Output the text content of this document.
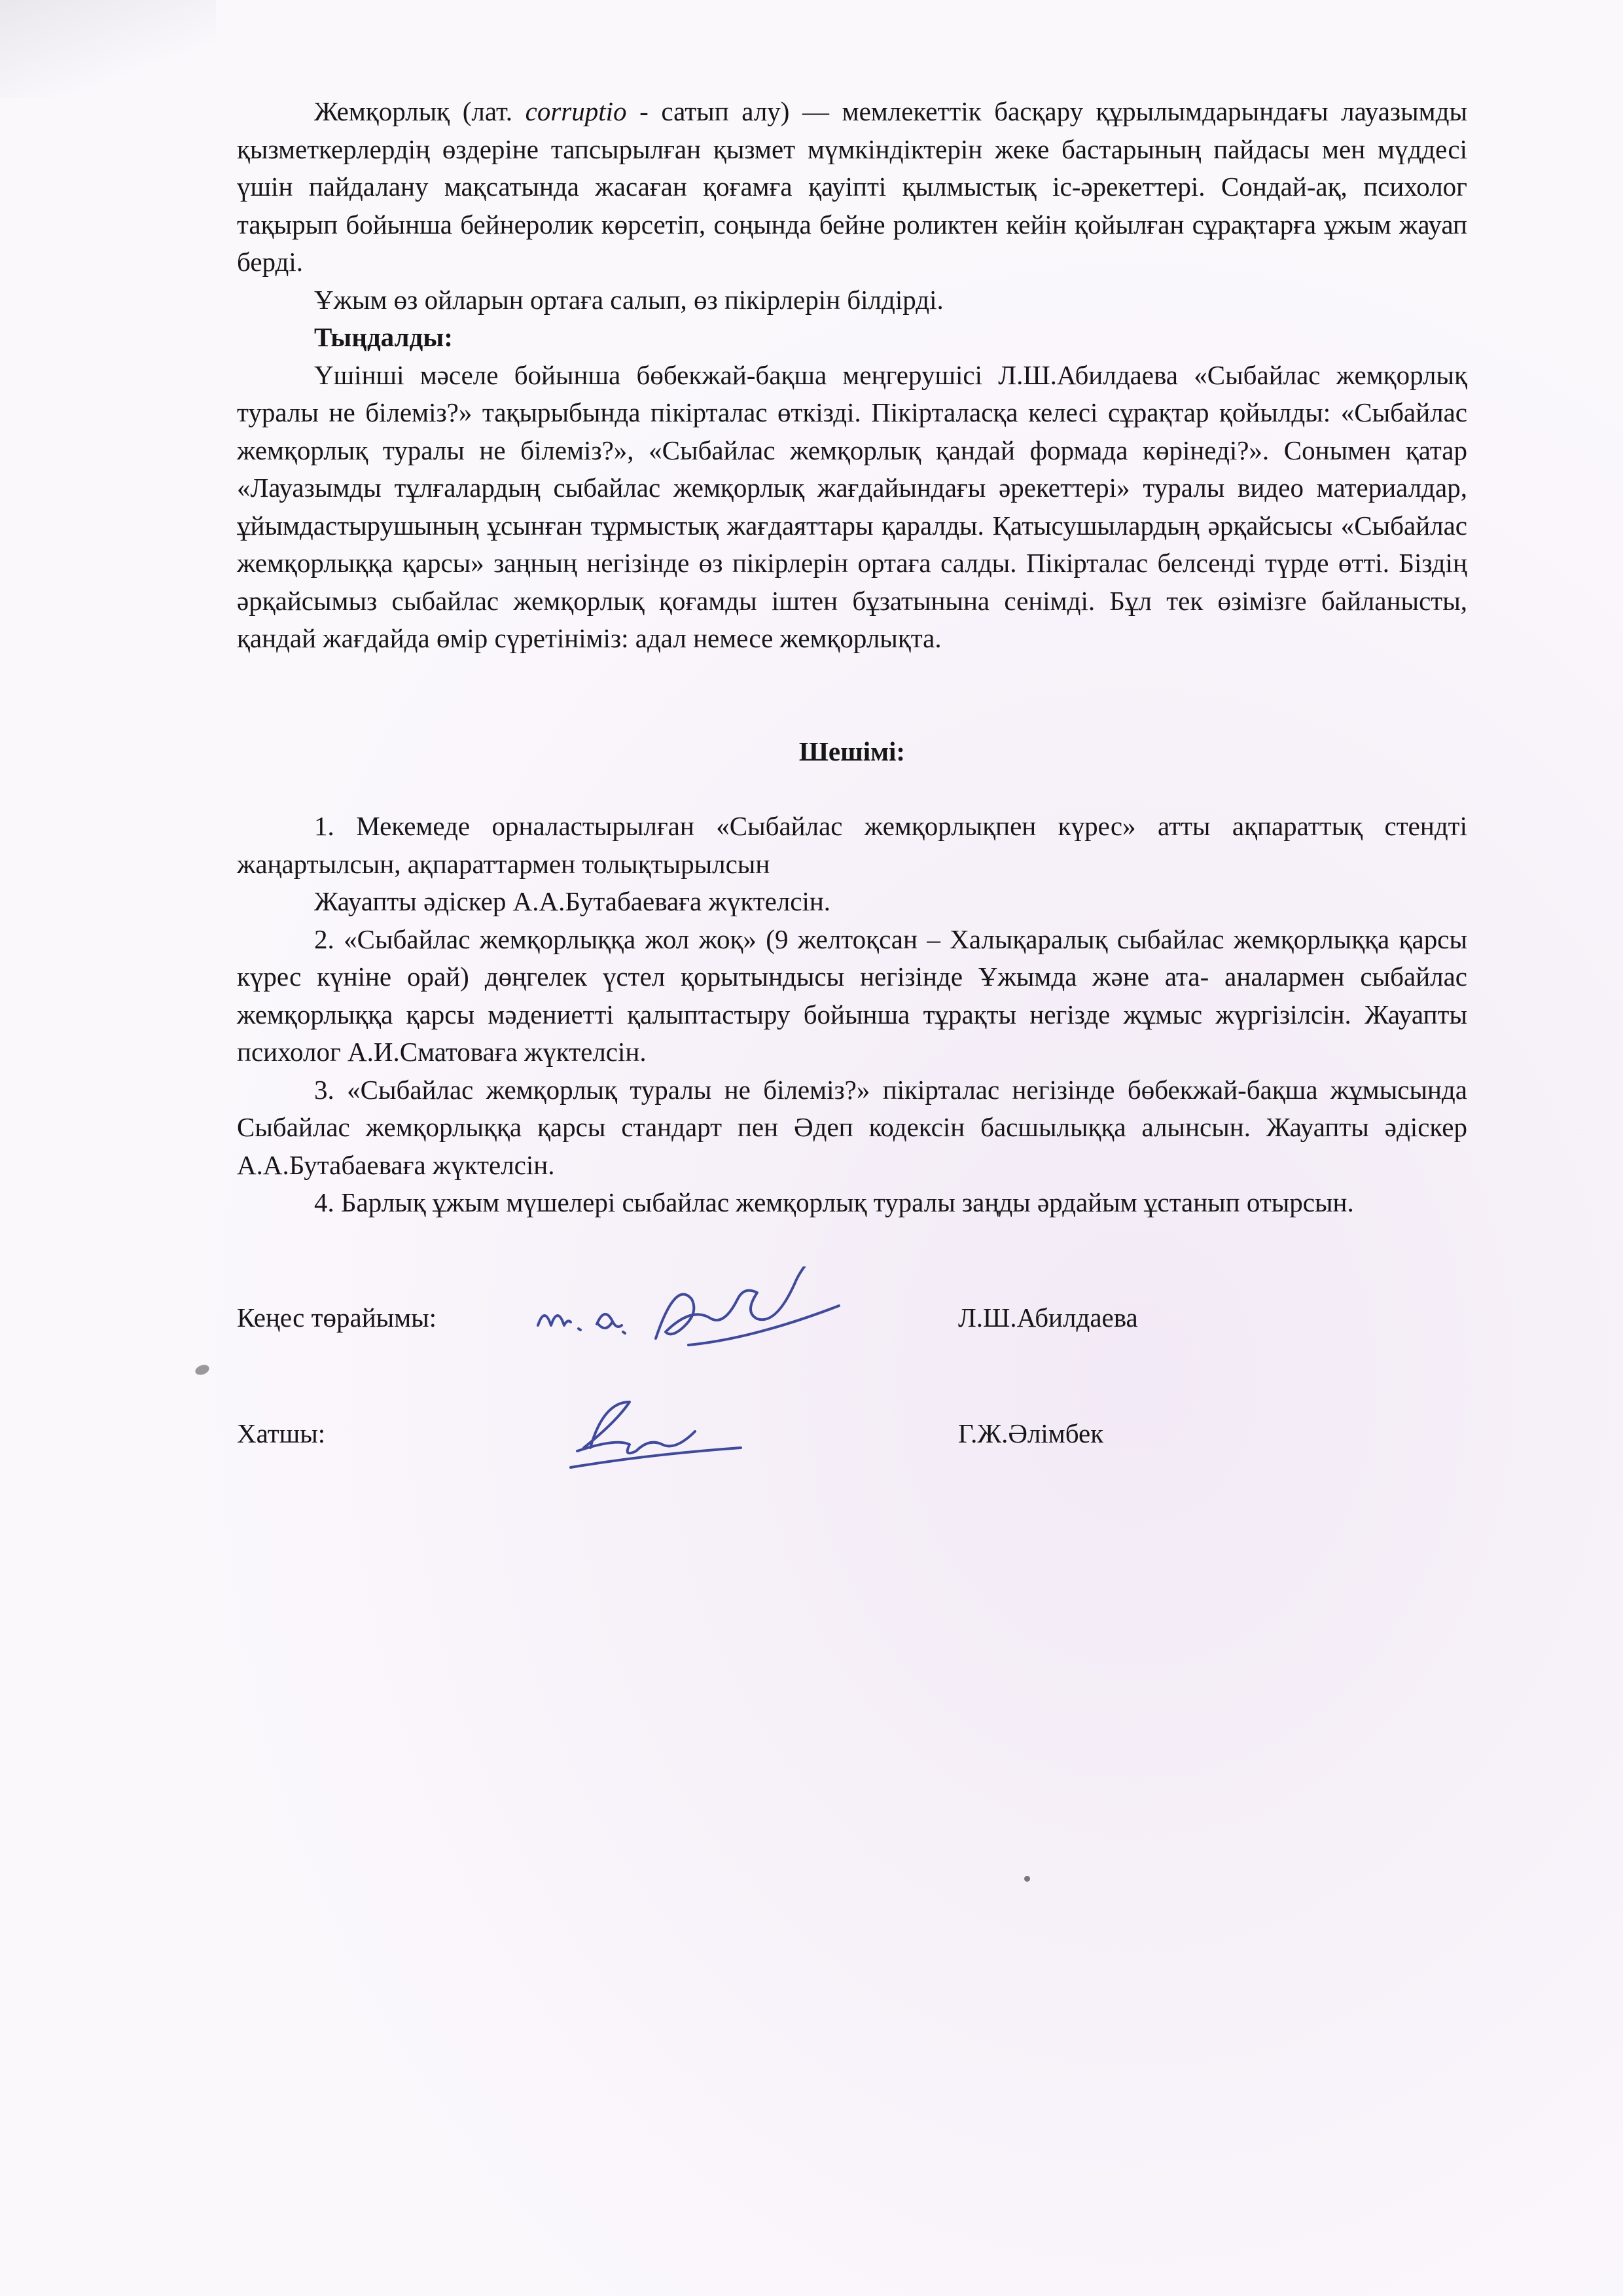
Жемқорлық (лат. corruptio - сатып алу) — мемлекеттік басқару құрылымдарындағы лауазымды қызметкерлердің өздеріне тапсырылған қызмет мүмкіндіктерін жеке бастарының пайдасы мен мүддесі үшін пайдалану мақсатында жасаған қоғамға қауіпті қылмыстық іс-әрекеттері. Сондай-ақ, психолог тақырып бойынша бейнеролик көрсетіп, соңында бейне роликтен кейін қойылған сұрақтарға ұжым жауап берді.

Ұжым өз ойларын ортаға салып, өз пікірлерін білдірді.

Тыңдалды:

Үшінші мәселе бойынша бөбекжай-бақша меңгерушісі Л.Ш.Абилдаева «Сыбайлас жемқорлық туралы не білеміз?» тақырыбында пікірталас өткізді. Пікірталасқа келесі сұрақтар қойылды: «Сыбайлас жемқорлық туралы не білеміз?», «Сыбайлас жемқорлық қандай формада көрінеді?». Сонымен қатар «Лауазымды тұлғалардың сыбайлас жемқорлық жағдайындағы әрекеттері» туралы видео материалдар, ұйымдастырушының ұсынған тұрмыстық жағдаяттары қаралды. Қатысушылардың әрқайсысы «Сыбайлас жемқорлыққа қарсы» заңның негізінде өз пікірлерін ортаға салды. Пікірталас белсенді түрде өтті. Біздің әрқайсымыз сыбайлас жемқорлық қоғамды іштен бұзатынына сенімді. Бұл тек өзімізге байланысты, қандай жағдайда өмір сүретініміз: адал немесе жемқорлықта.

Шешімі:

1. Мекемеде орналастырылған «Сыбайлас жемқорлықпен күрес» атты ақпараттық стендті жаңартылсын, ақпараттармен толықтырылсын

Жауапты әдіскер А.А.Бутабаеваға жүктелсін.

2. «Сыбайлас жемқорлыққа жол жоқ» (9 желтоқсан – Халықаралық сыбайлас жемқорлыққа қарсы күрес күніне орай) дөңгелек үстел қорытындысы негізінде Ұжымда және ата- аналармен сыбайлас жемқорлыққа қарсы мәдениетті қалыптастыру бойынша тұрақты негізде жұмыс жүргізілсін. Жауапты психолог А.И.Сматоваға жүктелсін.

3. «Сыбайлас жемқорлық туралы не білеміз?» пікірталас негізінде бөбекжай-бақша жұмысында Сыбайлас жемқорлыққа қарсы стандарт пен Әдеп кодексін басшылыққа алынсын. Жауапты әдіскер А.А.Бутабаеваға жүктелсін.

4. Барлық ұжым мүшелері сыбайлас жемқорлық туралы заңды әрдайым ұстанып отырсын.

Кеңес төрайымы:	Л.Ш.Абилдаева
Хатшы:	Г.Ж.Әлімбек
